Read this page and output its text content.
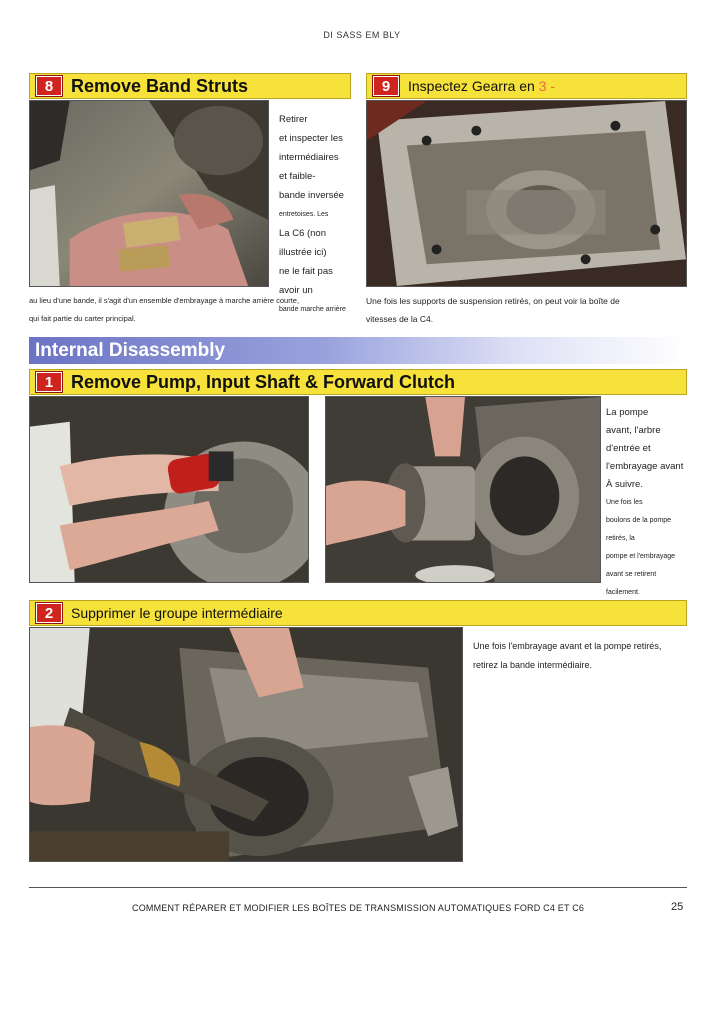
DI SASS EM BLY
8 Remove Band Struts
Retirer
et inspecter les
intermédiaires
et faible-
bande inversée
entretoises. Les
La C6 (non
illustrée ici)
ne le fait pas
avoir un
bande marche arrière
au lieu d'une bande, il s'agit d'un ensemble d'embrayage à marche arrière courte,
qui fait partie du carter principal.
9	Inspectez Gearra en 3 -
Une fois les supports de suspension retirés, on peut voir la boîte de
vitesses de la C4.
Internal Disassembly
1 Remove Pump, Input Shaft & Forward Clutch
La pompe
avant, l'arbre
d'entrée et
l'embrayage avant
À suivre.
Une fois les
boulons de la pompe
retirés, la
pompe et l'embrayage
avant se retirent
facilement.
2	Supprimer le groupe intermédiaire
Une fois l'embrayage avant et la pompe retirés,
retirez la bande intermédiaire.
COMMENT RÉPARER ET MODIFIER LES BOÎTES DE TRANSMISSION AUTOMATIQUES FORD C4 ET C6	25
